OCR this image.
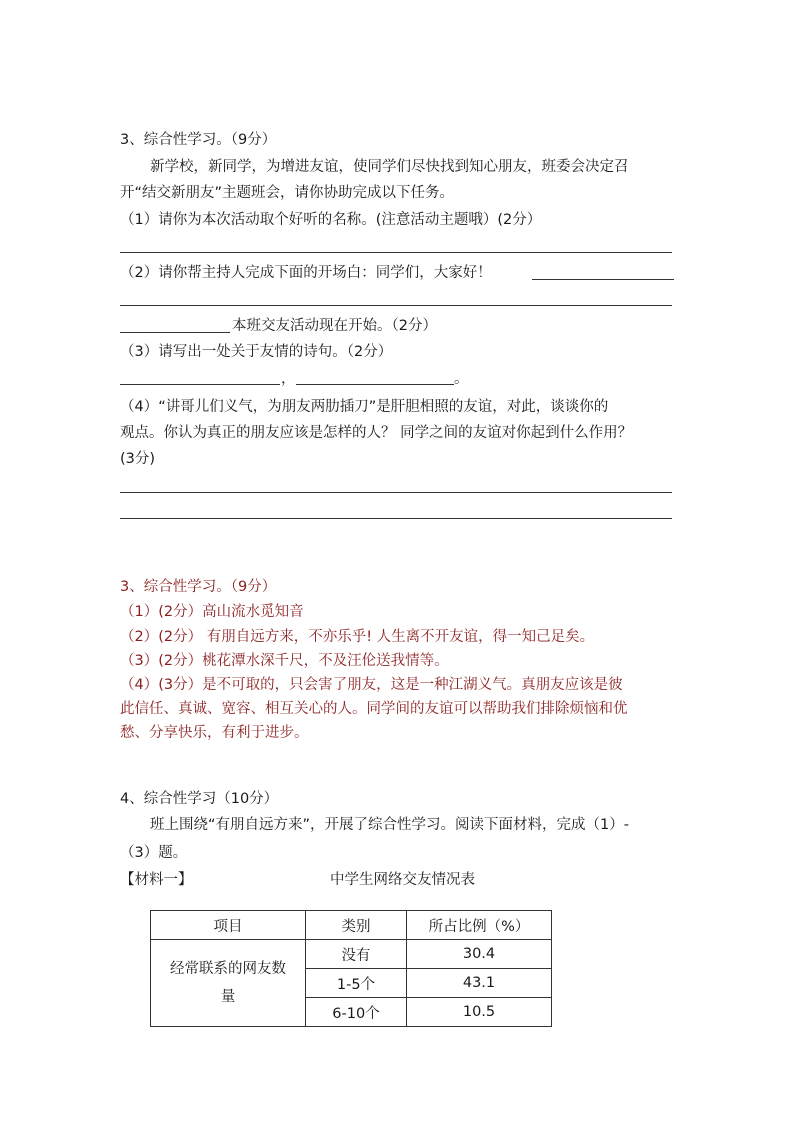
3、综合性学习。（9分）
新学校，新同学，为增进友谊，使同学们尽快找到知心朋友，班委会决定召
开“结交新朋友”主题班会，请你协助完成以下任务。
（1）请你为本次活动取个好听的名称。(注意活动主题哦）(2分）
（2）请你帮主持人完成下面的开场白：同学们，大家好！
本班交友活动现在开始。（2分）
（3）请写出一处关于友情的诗句。（2分）
，	。
（4）“讲哥儿们义气，为朋友两肋插刀”是肝胆相照的友谊，对此，谈谈你的
观点。你认为真正的朋友应该是怎样的人？ 同学之间的友谊对你起到什么作用？
(3分)
3、综合性学习。（9分）
（1）(2分）高山流水觅知音
（2）(2分） 有朋自远方来，不亦乐乎! 人生离不开友谊，得一知己足矣。
（3）(2分）桃花潭水深千尺，不及汪伦送我情等。
（4）(3分）是不可取的，只会害了朋友，这是一种江湖义气。真朋友应该是彼
此信任、真诚、宽容、相互关心的人。同学间的友谊可以帮助我们排除烦恼和优
愁、分享快乐，有利于进步。
4、综合性学习（10分）
班上围绕“有朋自远方来”，开展了综合性学习。阅读下面材料，完成（1）-
（3）题。
【材料一】	中学生网络交友情况表
项目	类别	所占比例（%）

经常联系的网友数
量	没有	30.4
	1-5个	43.1
	6-10个	10.5
